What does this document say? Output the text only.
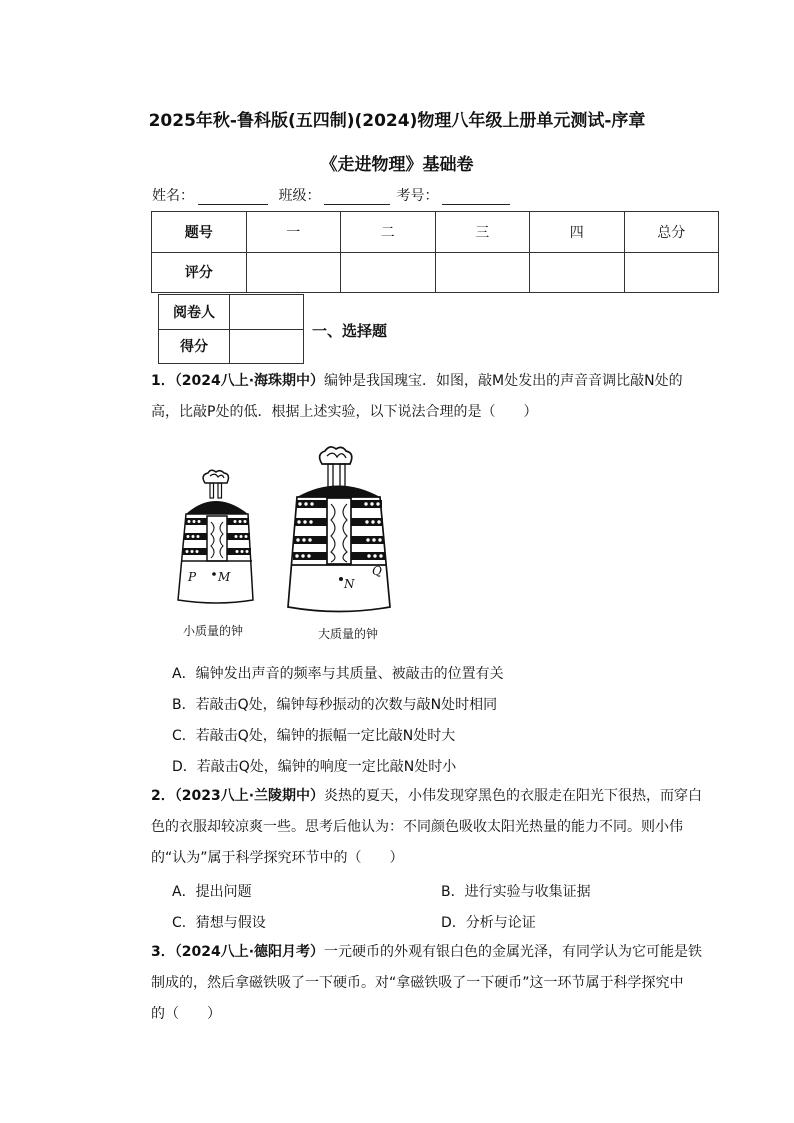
2025年秋-鲁科版(五四制)(2024)物理八年级上册单元测试-序章
《走进物理》基础卷
姓名：	班级：	考号：
题号	一	二	三	四	总分
评分					
阅卷人	
得分	
一、选择题
1．（2024八上·海珠期中）编钟是我国瑰宝．如图，敲M处发出的声音音调比敲N处的
高，比敲P处的低．根据上述实验，以下说法合理的是（　　）
P M	N
Q
小质量的钟	大质量的钟
A．编钟发出声音的频率与其质量、被敲击的位置有关
B．若敲击Q处，编钟每秒振动的次数与敲N处时相同
C．若敲击Q处，编钟的振幅一定比敲N处时大
D．若敲击Q处，编钟的响度一定比敲N处时小
2．（2023八上·兰陵期中）炎热的夏天，小伟发现穿黑色的衣服走在阳光下很热，而穿白
色的衣服却较凉爽一些。思考后他认为：不同颜色吸收太阳光热量的能力不同。则小伟
的“认为”属于科学探究环节中的（　　）
A．提出问题	B．进行实验与收集证据
C．猜想与假设	D．分析与论证
3．（2024八上·德阳月考）一元硬币的外观有银白色的金属光泽，有同学认为它可能是铁
制成的，然后拿磁铁吸了一下硬币。对“拿磁铁吸了一下硬币”这一环节属于科学探究中
的（　　）
